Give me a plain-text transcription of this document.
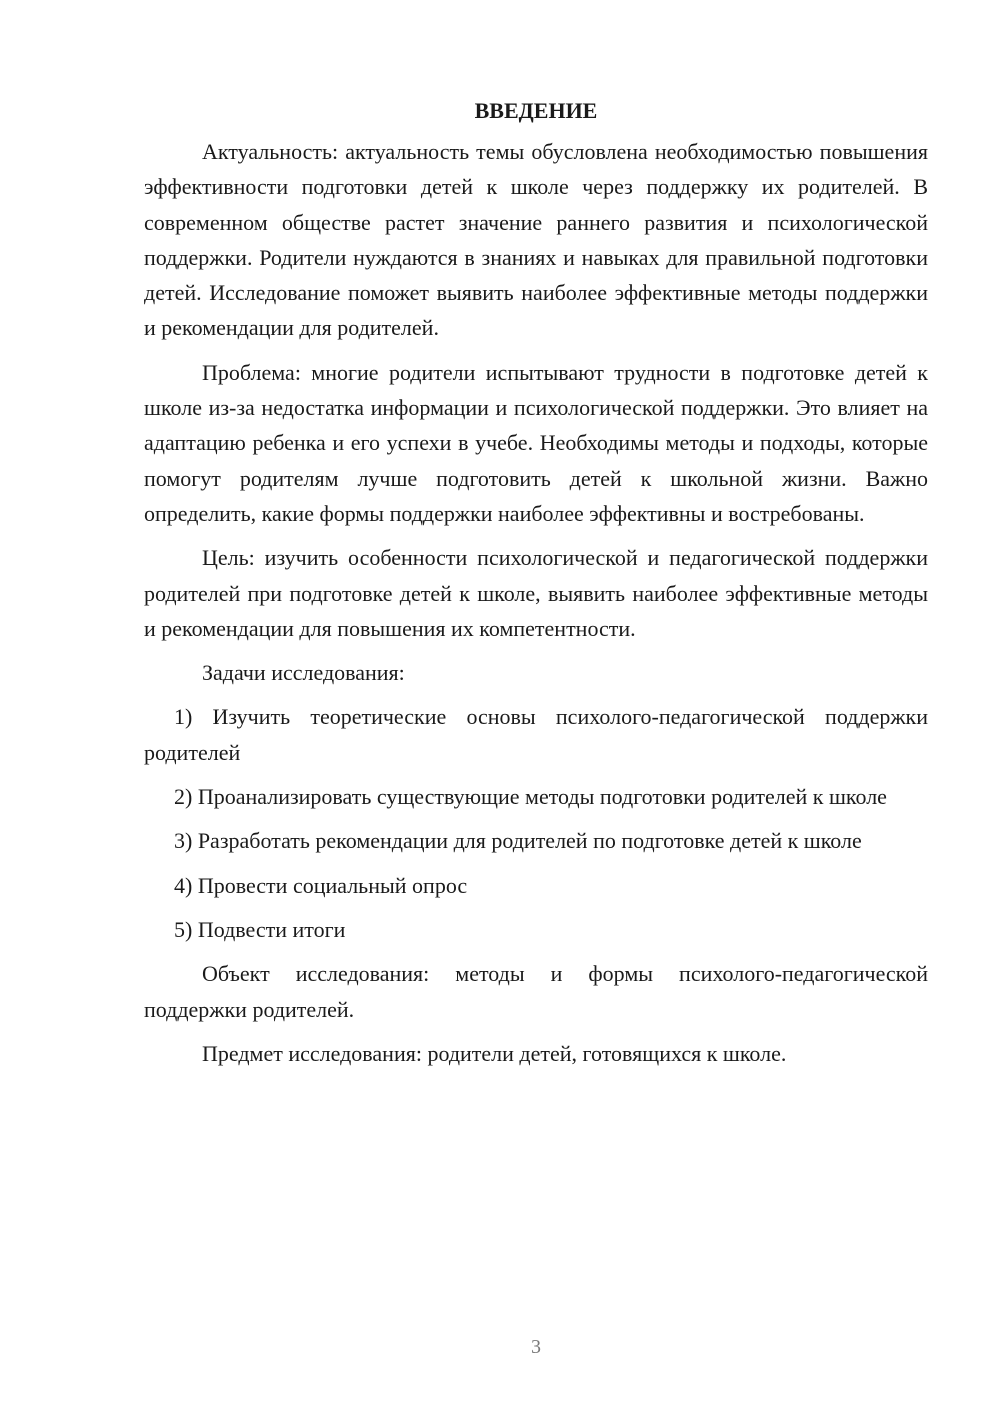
ВВЕДЕНИЕ

Актуальность: актуальность темы обусловлена необходимостью повышения эффективности подготовки детей к школе через поддержку их родителей. В современном обществе растет значение раннего развития и психологической поддержки. Родители нуждаются в знаниях и навыках для правильной подготовки детей. Исследование поможет выявить наиболее эффективные методы поддержки и рекомендации для родителей.

Проблема: многие родители испытывают трудности в подготовке детей к школе из-за недостатка информации и психологической поддержки. Это влияет на адаптацию ребенка и его успехи в учебе. Необходимы методы и подходы, которые помогут родителям лучше подготовить детей к школьной жизни. Важно определить, какие формы поддержки наиболее эффективны и востребованы.

Цель: изучить особенности психологической и педагогической поддержки родителей при подготовке детей к школе, выявить наиболее эффективные методы и рекомендации для повышения их компетентности.

Задачи исследования:

1) Изучить теоретические основы психолого-педагогической поддержки родителей

2) Проанализировать существующие методы подготовки родителей к школе

3) Разработать рекомендации для родителей по подготовке детей к школе

4) Провести социальный опрос

5) Подвести итоги

Объект исследования: методы и формы психолого-педагогической поддержки родителей.

Предмет исследования: родители детей, готовящихся к школе.

3
